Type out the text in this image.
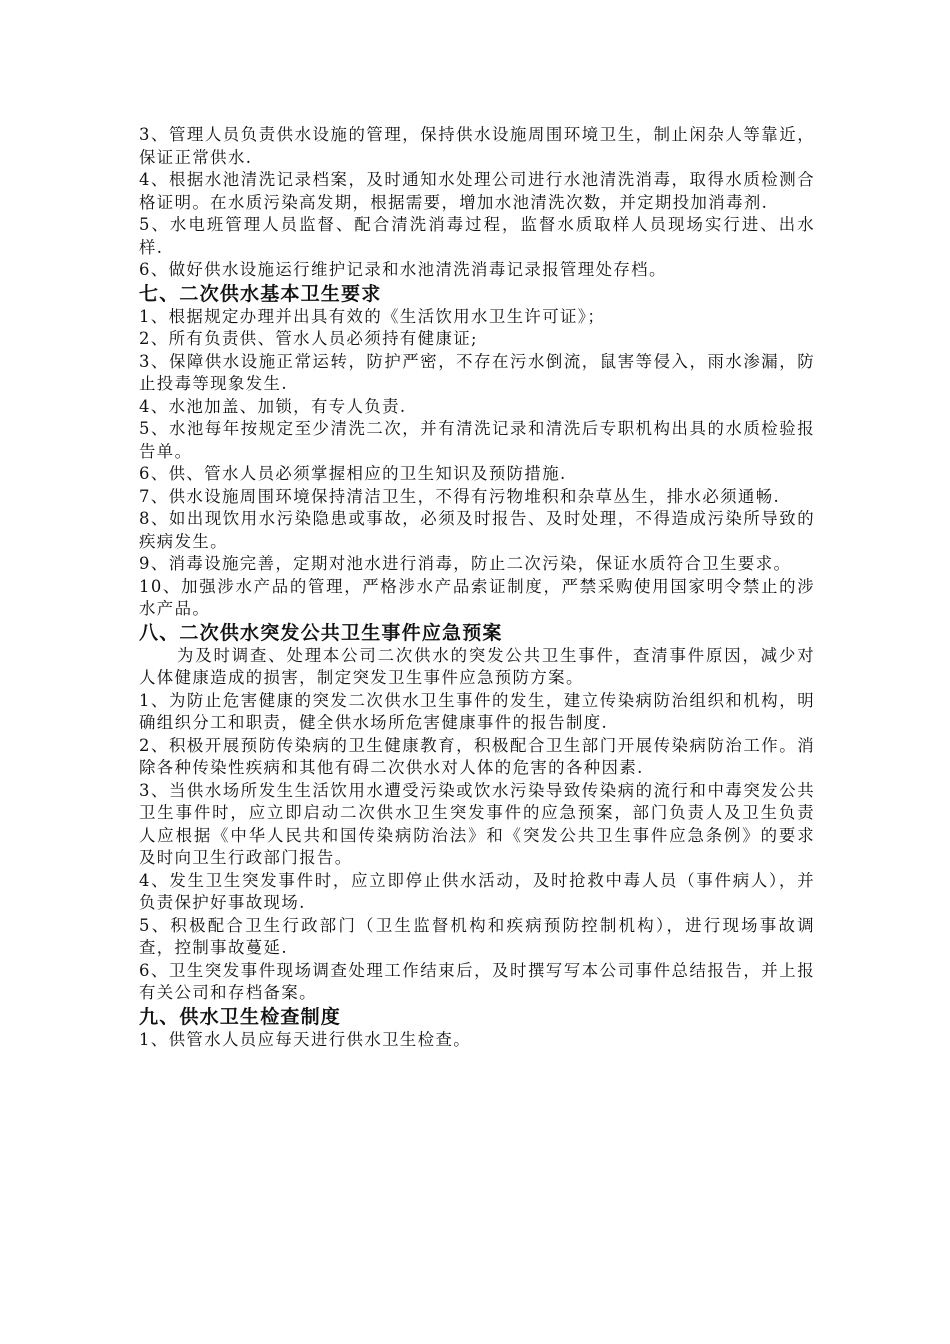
3、管理人员负责供水设施的管理，保持供水设施周围环境卫生，制止闲杂人等靠近，保证正常供水.

4、根据水池清洗记录档案，及时通知水处理公司进行水池清洗消毒，取得水质检测合格证明。在水质污染高发期，根据需要，增加水池清洗次数，并定期投加消毒剂.

5、水电班管理人员监督、配合清洗消毒过程，监督水质取样人员现场实行进、出水样.

6、做好供水设施运行维护记录和水池清洗消毒记录报管理处存档。

七、二次供水基本卫生要求

1、根据规定办理并出具有效的《生活饮用水卫生许可证》；

2、所有负责供、管水人员必须持有健康证;

3、保障供水设施正常运转，防护严密，不存在污水倒流，鼠害等侵入，雨水渗漏，防止投毒等现象发生.

4、水池加盖、加锁，有专人负责.

5、水池每年按规定至少清洗二次，并有清洗记录和清洗后专职机构出具的水质检验报告单。

6、供、管水人员必须掌握相应的卫生知识及预防措施.

7、供水设施周围环境保持清洁卫生，不得有污物堆积和杂草丛生，排水必须通畅.

8、如出现饮用水污染隐患或事故，必须及时报告、及时处理，不得造成污染所导致的疾病发生。

9、消毒设施完善，定期对池水进行消毒，防止二次污染，保证水质符合卫生要求。

10、加强涉水产品的管理，严格涉水产品索证制度，严禁采购使用国家明令禁止的涉水产品。

八、二次供水突发公共卫生事件应急预案

为及时调查、处理本公司二次供水的突发公共卫生事件，查清事件原因，减少对人体健康造成的损害，制定突发卫生事件应急预防方案。

1、为防止危害健康的突发二次供水卫生事件的发生，建立传染病防治组织和机构，明确组织分工和职责，健全供水场所危害健康事件的报告制度.

2、积极开展预防传染病的卫生健康教育，积极配合卫生部门开展传染病防治工作。消除各种传染性疾病和其他有碍二次供水对人体的危害的各种因素.

3、当供水场所发生生活饮用水遭受污染或饮水污染导致传染病的流行和中毒突发公共卫生事件时，应立即启动二次供水卫生突发事件的应急预案，部门负责人及卫生负责人应根据《中华人民共和国传染病防治法》和《突发公共卫生事件应急条例》的要求及时向卫生行政部门报告。

4、发生卫生突发事件时，应立即停止供水活动，及时抢救中毒人员（事件病人），并负责保护好事故现场.

5、积极配合卫生行政部门（卫生监督机构和疾病预防控制机构），进行现场事故调查，控制事故蔓延.

6、卫生突发事件现场调查处理工作结束后，及时撰写写本公司事件总结报告，并上报有关公司和存档备案。

九、供水卫生检查制度

1、供管水人员应每天进行供水卫生检查。
